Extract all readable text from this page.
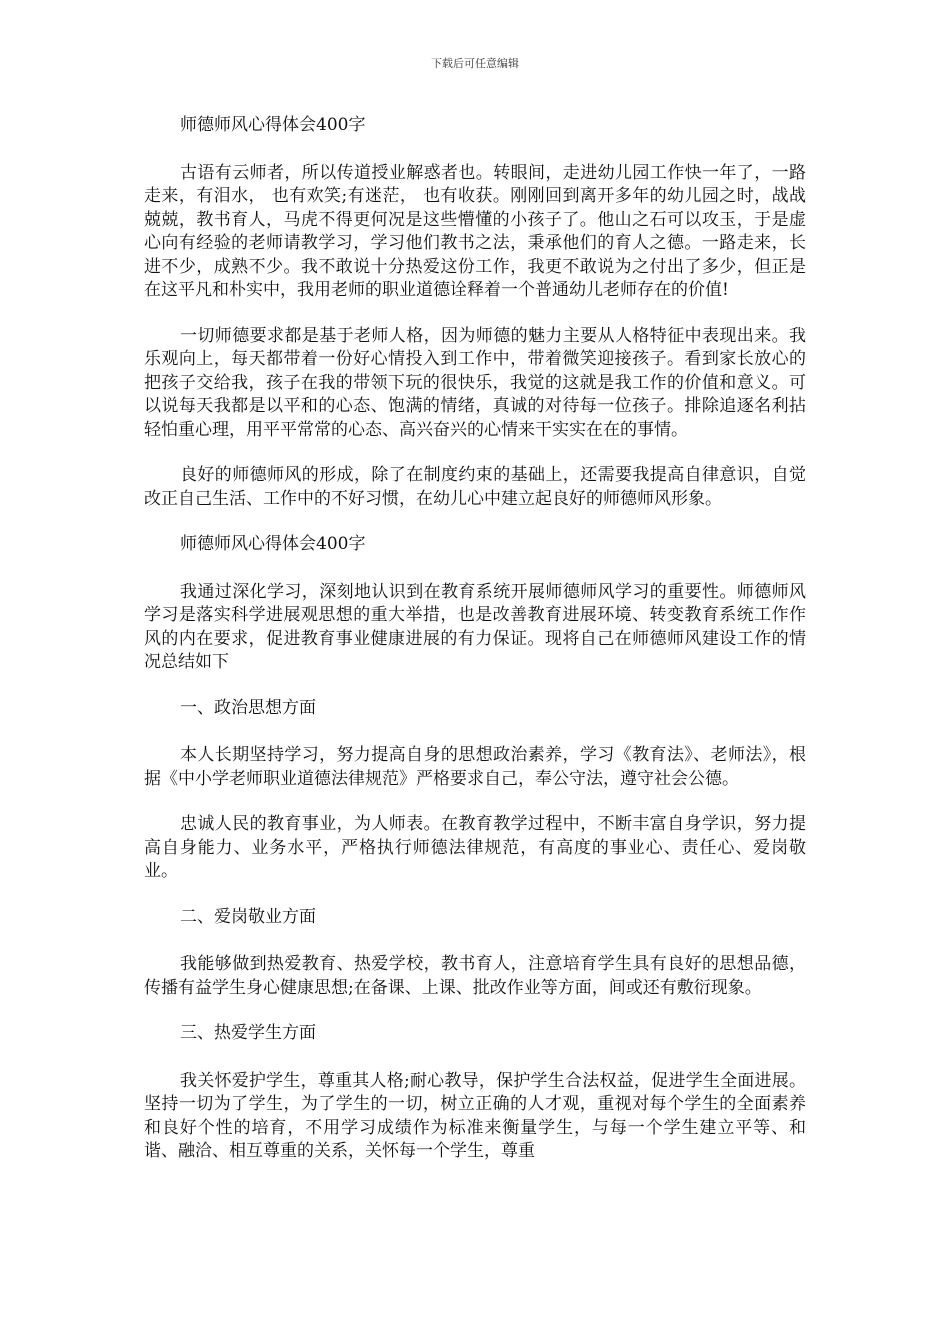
下载后可任意编辑

师德师风心得体会400字

古语有云师者，所以传道授业解惑者也。转眼间，走进幼儿园工作快一年了，一路走来，有泪水， 也有欢笑;有迷茫， 也有收获。刚刚回到离开多年的幼儿园之时，战战兢兢，教书育人，马虎不得更何况是这些懵懂的小孩子了。他山之石可以攻玉，于是虚心向有经验的老师请教学习，学习他们教书之法，秉承他们的育人之德。一路走来，长进不少，成熟不少。我不敢说十分热爱这份工作，我更不敢说为之付出了多少，但正是在这平凡和朴实中，我用老师的职业道德诠释着一个普通幼儿老师存在的价值!

一切师德要求都是基于老师人格，因为师德的魅力主要从人格特征中表现出来。我乐观向上，每天都带着一份好心情投入到工作中，带着微笑迎接孩子。看到家长放心的把孩子交给我，孩子在我的带领下玩的很快乐，我觉的这就是我工作的价值和意义。可以说每天我都是以平和的心态、饱满的情绪，真诚的对待每一位孩子。排除追逐名利拈轻怕重心理，用平平常常的心态、高兴奋兴的心情来干实实在在的事情。

良好的师德师风的形成，除了在制度约束的基础上，还需要我提高自律意识，自觉改正自己生活、工作中的不好习惯，在幼儿心中建立起良好的师德师风形象。

师德师风心得体会400字

我通过深化学习，深刻地认识到在教育系统开展师德师风学习的重要性。师德师风学习是落实科学进展观思想的重大举措，也是改善教育进展环境、转变教育系统工作作风的内在要求，促进教育事业健康进展的有力保证。现将自己在师德师风建设工作的情况总结如下

一、政治思想方面

本人长期坚持学习，努力提高自身的思想政治素养，学习《教育法》、老师法》，根据《中小学老师职业道德法律规范》严格要求自己，奉公守法，遵守社会公德。

忠诚人民的教育事业，为人师表。在教育教学过程中，不断丰富自身学识，努力提高自身能力、业务水平，严格执行师德法律规范，有高度的事业心、责任心、爱岗敬业。

二、爱岗敬业方面

我能够做到热爱教育、热爱学校，教书育人，注意培育学生具有良好的思想品德，传播有益学生身心健康思想;在备课、上课、批改作业等方面，间或还有敷衍现象。

三、热爱学生方面

我关怀爱护学生，尊重其人格;耐心教导，保护学生合法权益，促进学生全面进展。坚持一切为了学生，为了学生的一切，树立正确的人才观，重视对每个学生的全面素养和良好个性的培育，不用学习成绩作为标准来衡量学生，与每一个学生建立平等、和谐、融洽、相互尊重的关系，关怀每一个学生，尊重
